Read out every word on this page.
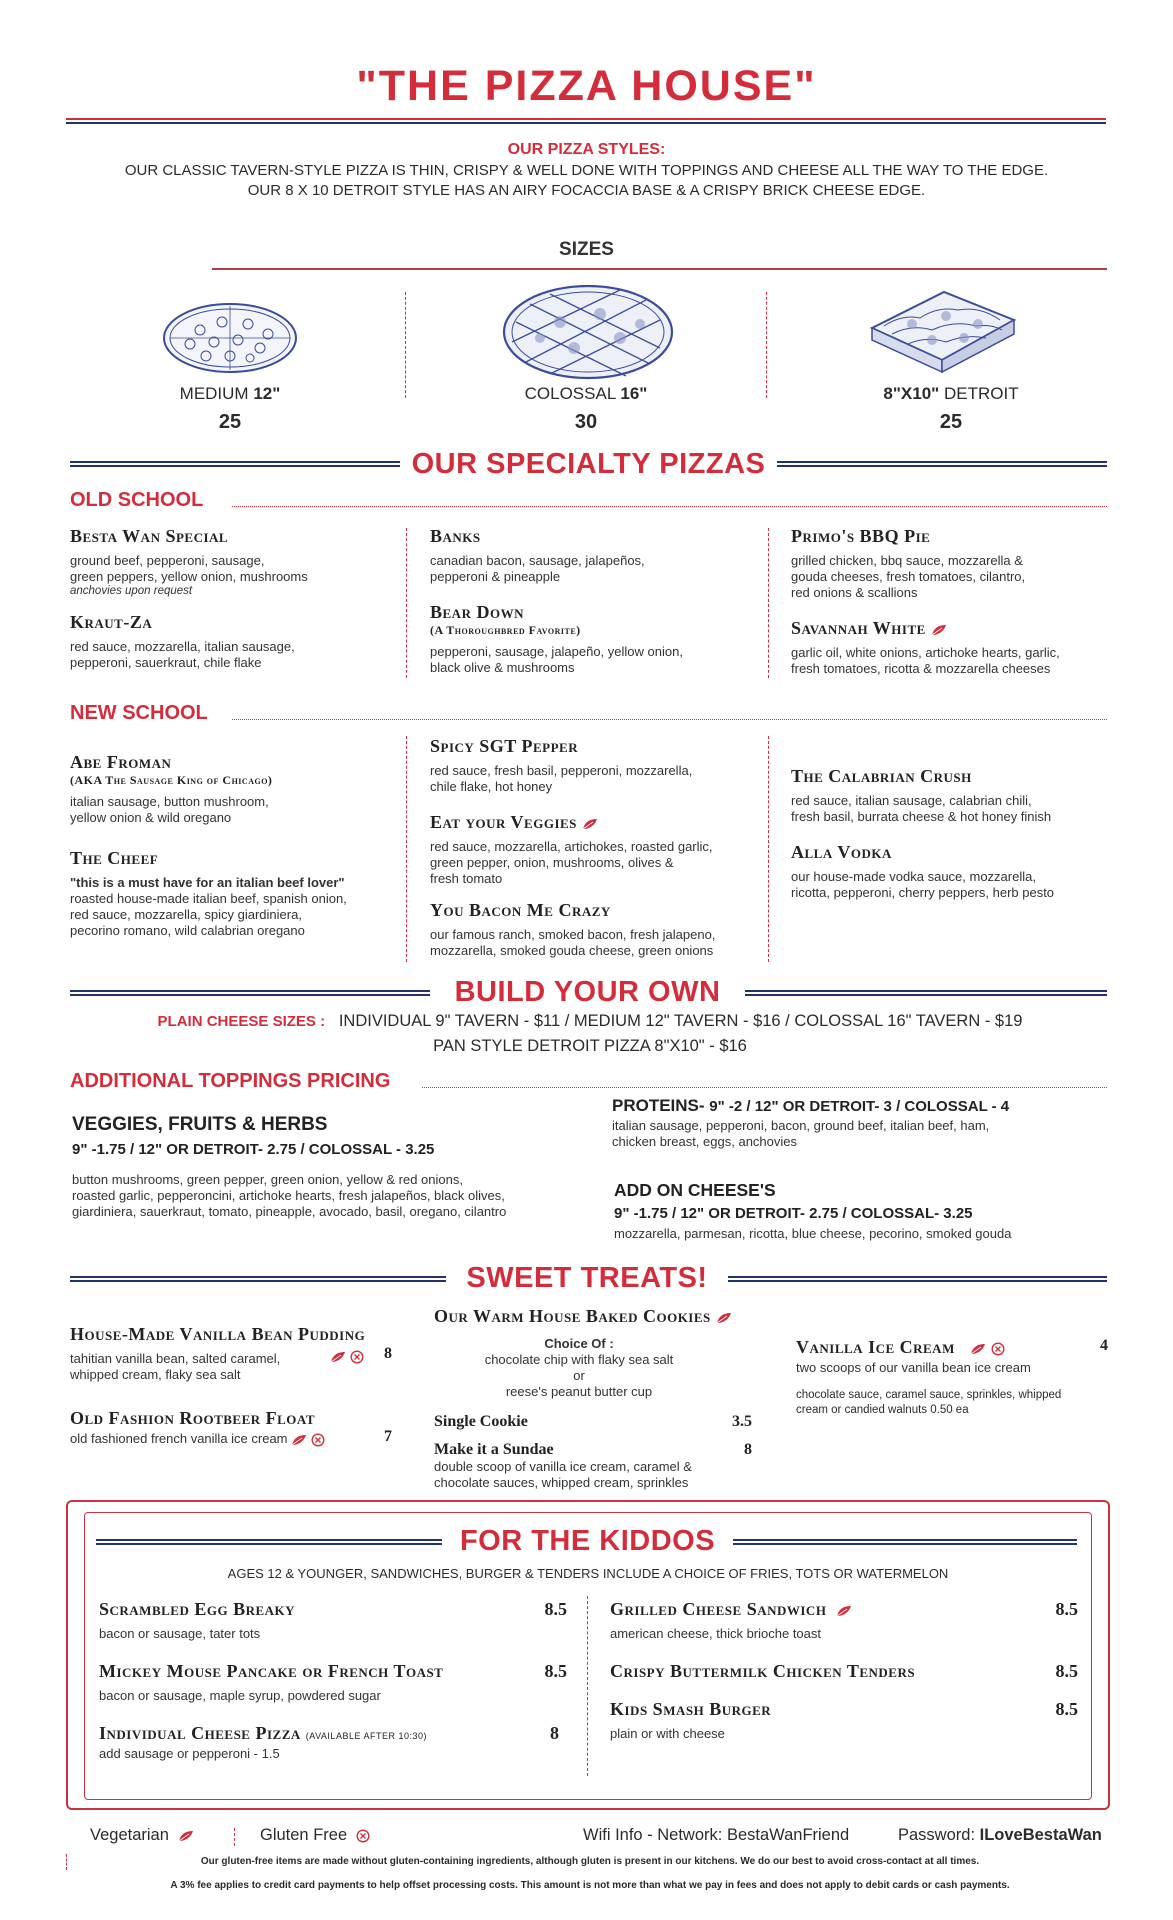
"THE PIZZA HOUSE"
OUR PIZZA STYLES:
OUR CLASSIC TAVERN-STYLE PIZZA IS THIN, CRISPY & WELL DONE WITH TOPPINGS AND CHEESE ALL THE WAY TO THE EDGE.
OUR 8 X 10 DETROIT STYLE HAS AN AIRY FOCACCIA BASE & A CRISPY BRICK CHEESE EDGE.
SIZES
MEDIUM 12"
25
COLOSSAL 16"
30
8"X10" DETROIT
25
OUR SPECIALTY PIZZAS
OLD SCHOOL
Besta Wan Special
ground beef, pepperoni, sausage,
green peppers, yellow onion, mushrooms
anchovies upon request
Kraut-Za
red sauce, mozzarella, italian sausage,
pepperoni, sauerkraut, chile flake
Banks
canadian bacon, sausage, jalapeños,
pepperoni & pineapple
Bear Down
(A Thoroughbred Favorite)
pepperoni, sausage, jalapeño, yellow onion,
black olive & mushrooms
Primo's BBQ Pie
grilled chicken, bbq sauce, mozzarella &
gouda cheeses, fresh tomatoes, cilantro,
red onions & scallions
Savannah White
garlic oil, white onions, artichoke hearts, garlic,
fresh tomatoes, ricotta & mozzarella cheeses
NEW SCHOOL
Abe Froman
(AKA The Sausage King of Chicago)
italian sausage, button mushroom,
yellow onion & wild oregano
The Cheef
"this is a must have for an italian beef lover"
roasted house-made italian beef, spanish onion,
red sauce, mozzarella, spicy giardiniera,
pecorino romano, wild calabrian oregano
Spicy SGT Pepper
red sauce, fresh basil, pepperoni, mozzarella,
chile flake, hot honey
Eat your Veggies
red sauce, mozzarella, artichokes, roasted garlic,
green pepper, onion, mushrooms, olives &
fresh tomato
You Bacon Me Crazy
our famous ranch, smoked bacon, fresh jalapeno,
mozzarella, smoked gouda cheese, green onions
The Calabrian Crush
red sauce, italian sausage, calabrian chili,
fresh basil, burrata cheese & hot honey finish
Alla Vodka
our house-made vodka sauce, mozzarella,
ricotta, pepperoni, cherry peppers, herb pesto
BUILD YOUR OWN
PLAIN CHEESE SIZES : INDIVIDUAL 9" TAVERN - $11 / MEDIUM 12" TAVERN - $16 / COLOSSAL 16" TAVERN - $19
PAN STYLE DETROIT PIZZA 8"X10" - $16
ADDITIONAL TOPPINGS PRICING
VEGGIES, FRUITS & HERBS
9" -1.75 / 12" OR DETROIT- 2.75 / COLOSSAL - 3.25
button mushrooms, green pepper, green onion, yellow & red onions,
roasted garlic, pepperoncini, artichoke hearts, fresh jalapeños, black olives,
giardiniera, sauerkraut, tomato, pineapple, avocado, basil, oregano, cilantro
PROTEINS- 9" -2 / 12" OR DETROIT- 3 / COLOSSAL - 4
italian sausage, pepperoni, bacon, ground beef, italian beef, ham,
chicken breast, eggs, anchovies
ADD ON CHEESE'S
9" -1.75 / 12" OR DETROIT- 2.75 / COLOSSAL- 3.25
mozzarella, parmesan, ricotta, blue cheese, pecorino, smoked gouda
SWEET TREATS!
House-Made Vanilla Bean Pudding
tahitian vanilla bean, salted caramel,
whipped cream, flaky sea salt

8
Old Fashion Rootbeer Float
old fashioned french vanilla ice cream	7
Our Warm House Baked Cookies
Choice Of :
chocolate chip with flaky sea salt
or
reese's peanut butter cup
Single Cookie	3.5
Make it a Sundae	8
double scoop of vanilla ice cream, caramel &
chocolate sauces, whipped cream, sprinkles
Vanilla Ice Cream
two scoops of our vanilla bean ice cream
chocolate sauce, caramel sauce, sprinkles, whipped
cream or candied walnuts 0.50 ea
4
FOR THE KIDDOS
AGES 12 & YOUNGER, SANDWICHES, BURGER & TENDERS INCLUDE A CHOICE OF FRIES, TOTS OR WATERMELON
Scrambled Egg Breaky
bacon or sausage, tater tots
8.5
Mickey Mouse Pancake or French Toast
bacon or sausage, maple syrup, powdered sugar
8.5
Individual Cheese Pizza (AVAILABLE AFTER 10:30)
add sausage or pepperoni - 1.5
8
Grilled Cheese Sandwich
american cheese, thick brioche toast
8.5
Crispy Buttermilk Chicken Tenders	8.5
Kids Smash Burger
plain or with cheese
8.5
Vegetarian	Gluten Free	Wifi Info - Network: BestaWanFriend	Password: ILoveBestaWan
Our gluten-free items are made without gluten-containing ingredients, although gluten is present in our kitchens. We do our best to avoid cross-contact at all times.
A 3% fee applies to credit card payments to help offset processing costs. This amount is not more than what we pay in fees and does not apply to debit cards or cash payments.
